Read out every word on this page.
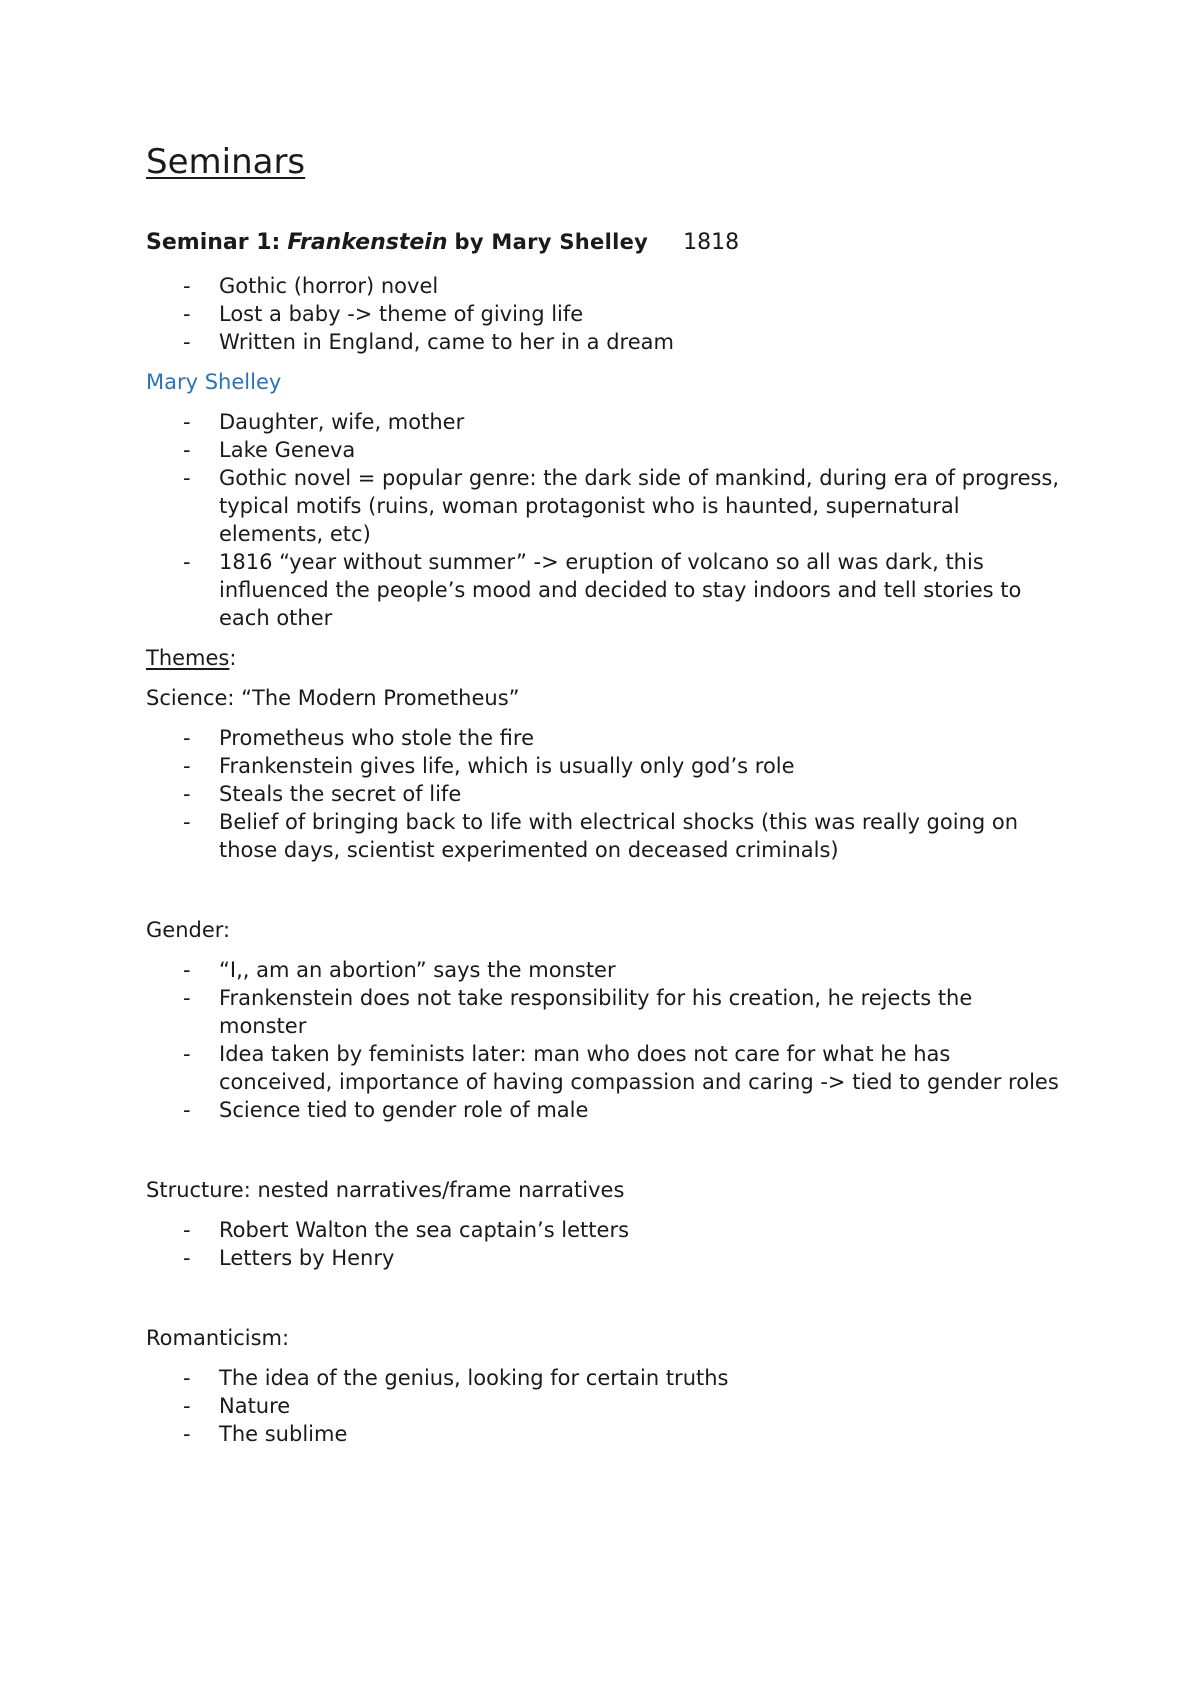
Seminars
Seminar 1: Frankenstein by Mary Shelley 1818
- Gothic (horror) novel
- Lost a baby -> theme of giving life
- Written in England, came to her in a dream

Mary Shelley

- Daughter, wife, mother
- Lake Geneva
- Gothic novel = popular genre: the dark side of mankind, during era of progress, typical motifs (ruins, woman protagonist who is haunted, supernatural elements, etc)
- 1816 “year without summer” -> eruption of volcano so all was dark, this influenced the people’s mood and decided to stay indoors and tell stories to each other

Themes:

Science: “The Modern Prometheus”

- Prometheus who stole the fire
- Frankenstein gives life, which is usually only god’s role
- Steals the secret of life
- Belief of bringing back to life with electrical shocks (this was really going on those days, scientist experimented on deceased criminals)

Gender:

- “I,, am an abortion” says the monster
- Frankenstein does not take responsibility for his creation, he rejects the monster
- Idea taken by feminists later: man who does not care for what he has conceived, importance of having compassion and caring -> tied to gender roles
- Science tied to gender role of male

Structure: nested narratives/frame narratives

- Robert Walton the sea captain’s letters
- Letters by Henry

Romanticism:

- The idea of the genius, looking for certain truths
- Nature
- The sublime
